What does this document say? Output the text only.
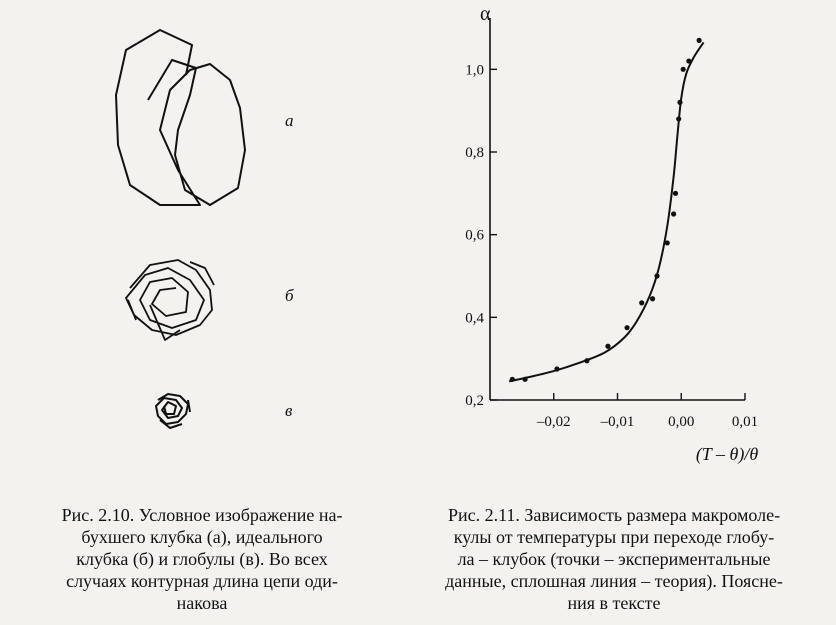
а
б
в	0,2
0,4
0,6
0,8
1,0
–0,02 –0,01 0,00	0,01
α
(T – θ)/θ
Рис. 2.10. Условное изображение на-
бухшего клубка (а), идеального
клубка (б) и глобулы (в). Во всех
случаях контурная длина цепи оди-
накова
Рис. 2.11. Зависимость размера макромоле-
кулы от температуры при переходе глобу-
ла – клубок (точки – экспериментальные
данные, сплошная линия – теория). Поясне-
ния в тексте
